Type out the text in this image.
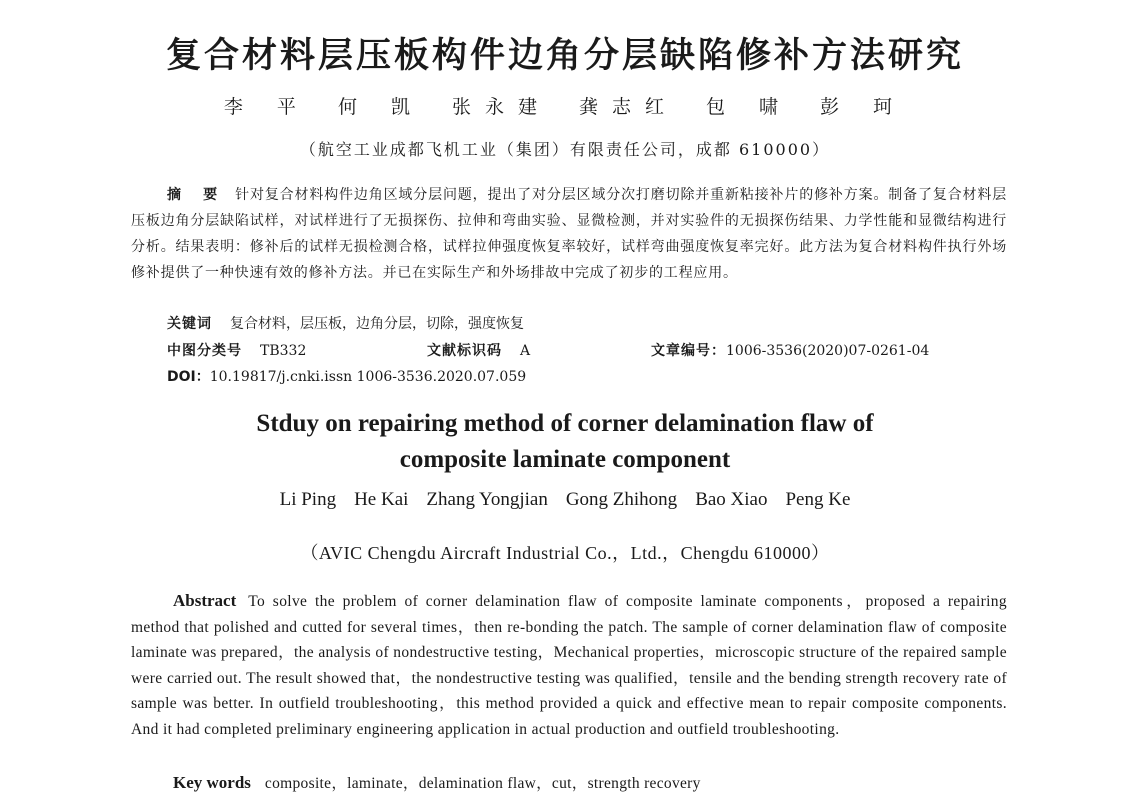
复合材料层压板构件边角分层缺陷修补方法研究
李 平 何 凯 张永建 龚志红 包 啸 彭 珂
（航空工业成都飞机工业（集团）有限责任公司，成都 610000）
摘　要 针对复合材料构件边角区域分层问题，提出了对分层区域分次打磨切除并重新粘接补片的修补方案。制备了复合材料层压板边角分层缺陷试样，对试样进行了无损探伤、拉伸和弯曲实验、显微检测，并对实验件的无损探伤结果、力学性能和显微结构进行分析。结果表明：修补后的试样无损检测合格，试样拉伸强度恢复率较好，试样弯曲强度恢复率完好。此方法为复合材料构件执行外场修补提供了一种快速有效的修补方法。并已在实际生产和外场排故中完成了初步的工程应用。
关键词 复合材料，层压板，边角分层，切除，强度恢复
中图分类号 TB332	文献标识码 A	文章编号：1006-3536(2020)07-0261-04
DOI：10.19817/j.cnki.issn 1006-3536.2020.07.059
Stduy on repairing method of corner delamination flaw of
composite laminate component
Li Ping He Kai Zhang Yongjian Gong Zhihong Bao Xiao Peng Ke
（AVIC Chengdu Aircraft Industrial Co.，Ltd.，Chengdu 610000）
Abstract To solve the problem of corner delamination flaw of composite laminate components，proposed a repairing method that polished and cutted for several times，then re-bonding the patch. The sample of corner delamination flaw of composite laminate was prepared，the analysis of nondestructive testing，Mechanical properties，microscopic structure of the repaired sample were carried out. The result showed that，the nondestructive testing was qualified，tensile and the bending strength recovery rate of sample was better. In outfield troubleshooting，this method provided a quick and effective mean to repair composite components. And it had completed preliminary engineering application in actual production and outfield troubleshooting.
Key words composite，laminate，delamination flaw，cut，strength recovery
